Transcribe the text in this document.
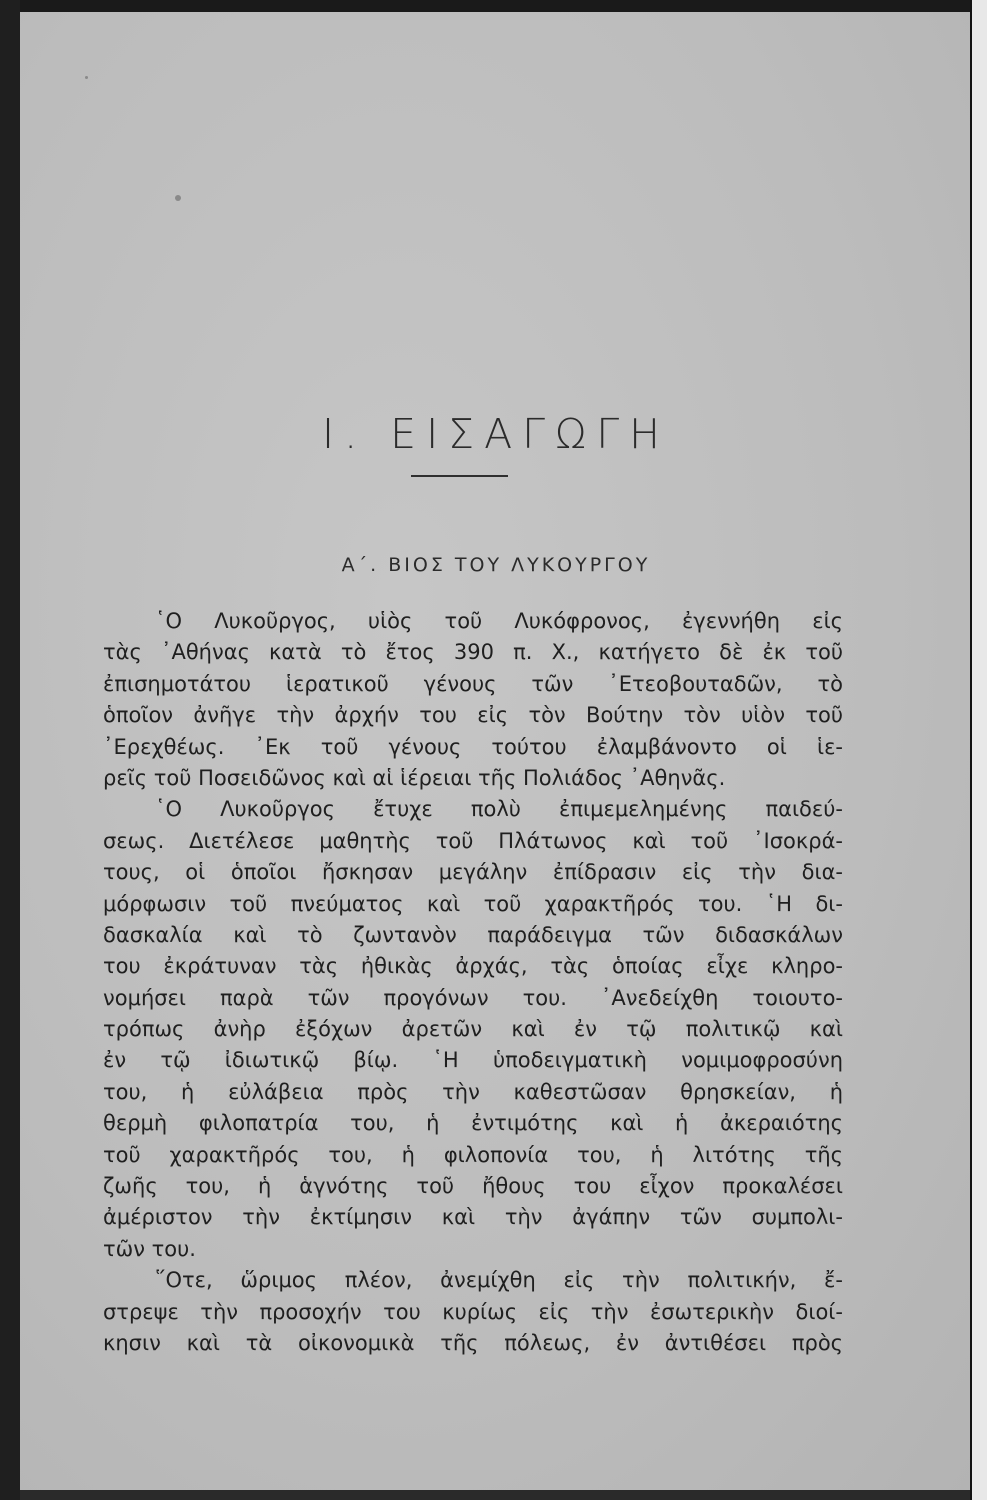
I. ΕΙΣΑΓΩΓΗ
Α΄. ΒΙΟΣ ΤΟΥ ΛΥΚΟΥΡΓΟΥ
῾Ο Λυκοῦργος, υἱὸς τοῦ Λυκόφρονος, ἐγεννήθη εἰς
τὰς ᾿Αθήνας κατὰ τὸ ἔτος 390 π. Χ., κατήγετο δὲ ἐκ τοῦ
ἐπισημοτάτου ἱερατικοῦ γένους τῶν ᾿Ετεοβουταδῶν, τὸ
ὁποῖον ἀνῆγε τὴν ἀρχήν του εἰς τὸν Βούτην τὸν υἱὸν τοῦ
᾿Ερεχθέως. ᾿Εκ τοῦ γένους τούτου ἐλαμβάνοντο οἱ ἱε-
ρεῖς τοῦ Ποσειδῶνος καὶ αἱ ἱέρειαι τῆς Πολιάδος ᾿Αθηνᾶς.
῾Ο Λυκοῦργος ἔτυχε πολὺ ἐπιμεμελημένης παιδεύ-
σεως. Διετέλεσε μαθητὴς τοῦ Πλάτωνος καὶ τοῦ ᾿Ισοκρά-
τους, οἱ ὁποῖοι ἤσκησαν μεγάλην ἐπίδρασιν εἰς τὴν δια-
μόρφωσιν τοῦ πνεύματος καὶ τοῦ χαρακτῆρός του. ῾Η δι-
δασκαλία καὶ τὸ ζωντανὸν παράδειγμα τῶν διδασκάλων
του ἐκράτυναν τὰς ἠθικὰς ἀρχάς, τὰς ὁποίας εἶχε κληρο-
νομήσει παρὰ τῶν προγόνων του. ᾿Ανεδείχθη τοιουτο-
τρόπως ἀνὴρ ἐξόχων ἀρετῶν καὶ ἐν τῷ πολιτικῷ καὶ
ἐν τῷ ἰδιωτικῷ βίῳ. ῾Η ὑποδειγματικὴ νομιμοφροσύνη
του, ἡ εὐλάβεια πρὸς τὴν καθεστῶσαν θρησκείαν, ἡ
θερμὴ φιλοπατρία του, ἡ ἐντιμότης καὶ ἡ ἀκεραιότης
τοῦ χαρακτῆρός του, ἡ φιλοπονία του, ἡ λιτότης τῆς
ζωῆς του, ἡ ἁγνότης τοῦ ἤθους του εἶχον προκαλέσει
ἀμέριστον τὴν ἐκτίμησιν καὶ τὴν ἀγάπην τῶν συμπολι-
τῶν του.
῞Οτε, ὥριμος πλέον, ἀνεμίχθη εἰς τὴν πολιτικήν, ἔ-
στρεψε τὴν προσοχήν του κυρίως εἰς τὴν ἐσωτερικὴν διοί-
κησιν καὶ τὰ οἰκονομικὰ τῆς πόλεως, ἐν ἀντιθέσει πρὸς
